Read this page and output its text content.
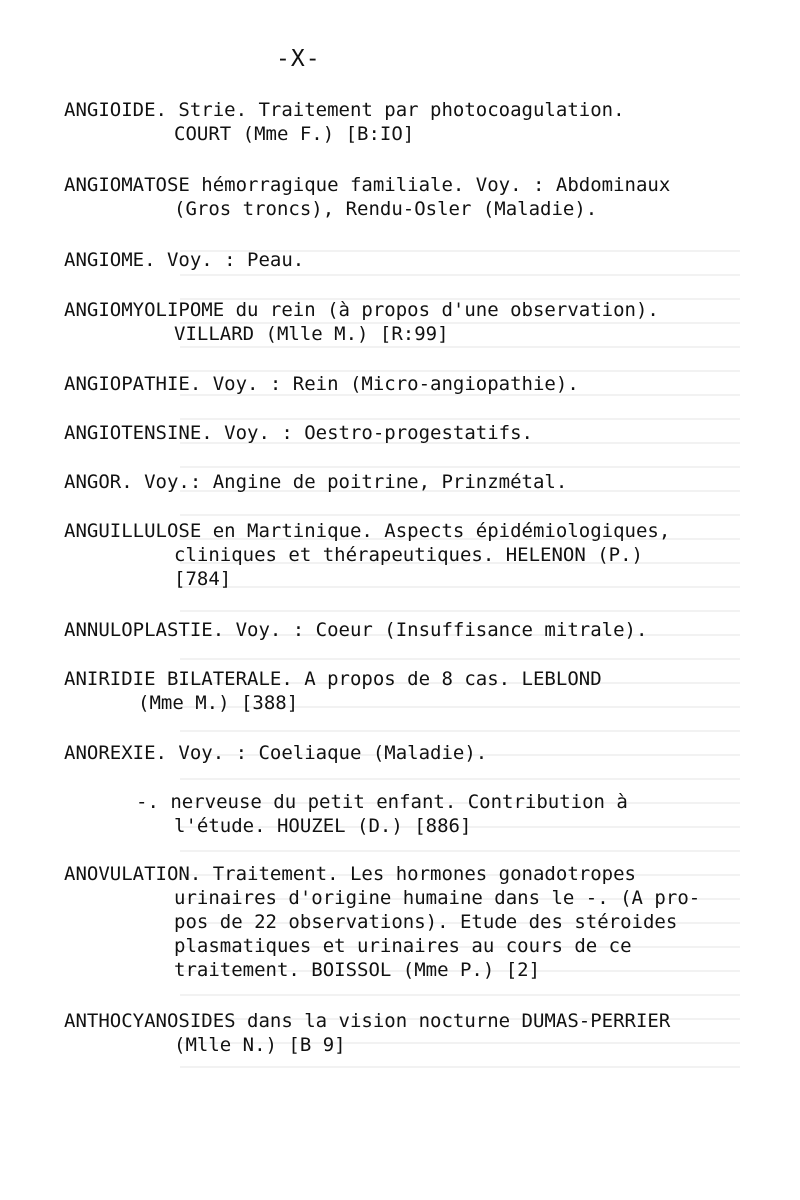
-X-
ANGIOIDE. Strie. Traitement par photocoagulation.
COURT (Mme F.) [B:IO]
ANGIOMATOSE hémorragique familiale. Voy. : Abdominaux
(Gros troncs), Rendu-Osler (Maladie).
ANGIOME. Voy. : Peau.
ANGIOMYOLIPOME du rein (à propos d'une observation).
VILLARD (Mlle M.) [R:99]
ANGIOPATHIE. Voy. : Rein (Micro-angiopathie).
ANGIOTENSINE. Voy. : Oestro-progestatifs.
ANGOR. Voy.: Angine de poitrine, Prinzmétal.
ANGUILLULOSE en Martinique. Aspects épidémiologiques,
cliniques et thérapeutiques. HELENON (P.)
[784]
ANNULOPLASTIE. Voy. : Coeur (Insuffisance mitrale).
ANIRIDIE BILATERALE. A propos de 8 cas. LEBLOND
(Mme M.) [388]
ANOREXIE. Voy. : Coeliaque (Maladie).
-. nerveuse du petit enfant. Contribution à
l'étude. HOUZEL (D.) [886]
ANOVULATION. Traitement. Les hormones gonadotropes
urinaires d'origine humaine dans le -. (A pro-
pos de 22 observations). Etude des stéroides
plasmatiques et urinaires au cours de ce
traitement. BOISSOL (Mme P.) [2]
ANTHOCYANOSIDES dans la vision nocturne DUMAS-PERRIER
(Mlle N.) [B 9]
